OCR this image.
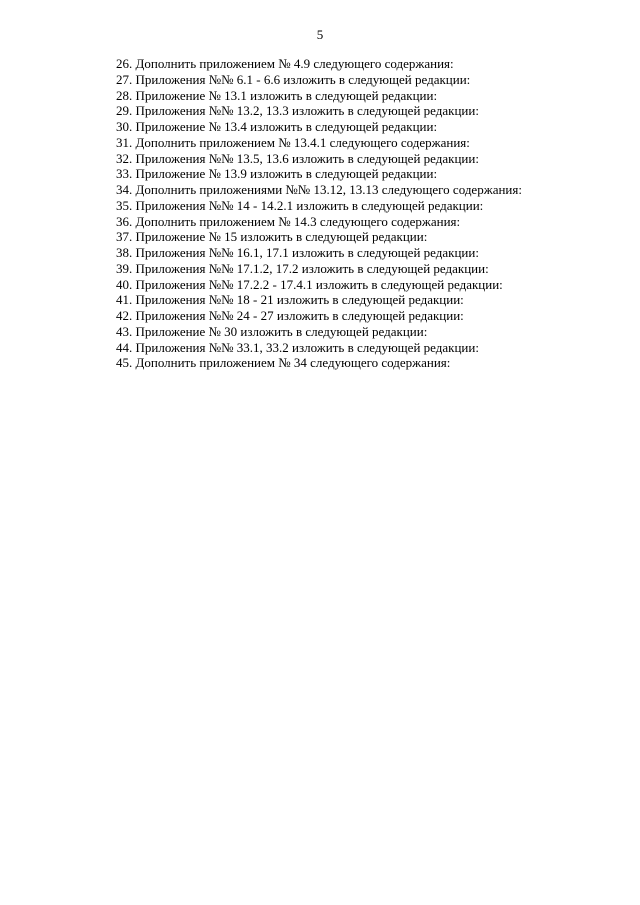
5
26. Дополнить приложением № 4.9 следующего содержания:
27. Приложения №№ 6.1 - 6.6 изложить в следующей редакции:
28. Приложение № 13.1 изложить в следующей редакции:
29. Приложения №№ 13.2, 13.3 изложить в следующей редакции:
30. Приложение № 13.4 изложить в следующей редакции:
31. Дополнить приложением № 13.4.1 следующего содержания:
32. Приложения №№ 13.5, 13.6 изложить в следующей редакции:
33. Приложение № 13.9 изложить в следующей редакции:
34. Дополнить приложениями №№ 13.12, 13.13 следующего содержания:
35. Приложения №№ 14 - 14.2.1 изложить в следующей редакции:
36. Дополнить приложением № 14.3 следующего содержания:
37. Приложение № 15 изложить в следующей редакции:
38. Приложения №№ 16.1, 17.1 изложить в следующей редакции:
39. Приложения №№ 17.1.2, 17.2 изложить в следующей редакции:
40. Приложения №№ 17.2.2 - 17.4.1 изложить в следующей редакции:
41. Приложения №№ 18 - 21 изложить в следующей редакции:
42. Приложения №№ 24 - 27 изложить в следующей редакции:
43. Приложение № 30 изложить в следующей редакции:
44. Приложения №№ 33.1, 33.2 изложить в следующей редакции:
45. Дополнить приложением № 34 следующего содержания:
